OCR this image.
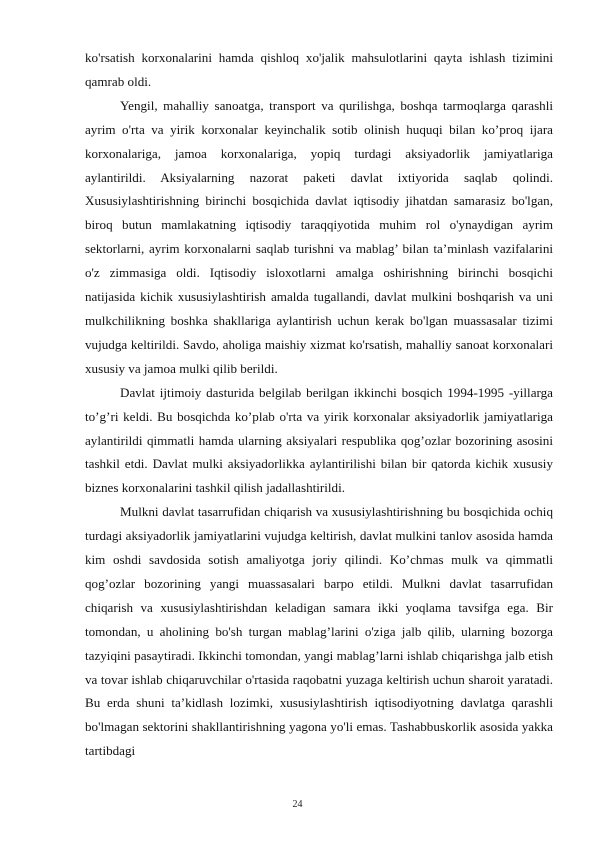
ko'rsatish korxonalarini hamda qishloq xo'jalik mahsulotlarini qayta ishlash tizimini qamrab oldi.

Yengil, mahalliy sanoatga, transport va qurilishga, boshqa tarmoqlarga qarashli ayrim o'rta va yirik korxonalar keyinchalik sotib olinish huquqi bilan ko’proq ijara korxonalariga, jamoa korxonalariga, yopiq turdagi aksiyadorlik jamiyatlariga aylantirildi. Aksiyalarning nazorat paketi davlat ixtiyorida saqlab qolindi. Xususiylashtirishning birinchi bosqichida davlat iqtisodiy jihatdan samarasiz bo'lgan, biroq butun mamlakatning iqtisodiy taraqqiyotida muhim rol o'ynaydigan ayrim sektorlarni, ayrim korxonalarni saqlab turishni va mablag’ bilan ta’minlash vazifalarini o'z zimmasiga oldi. Iqtisodiy isloxotlarni amalga oshirishning birinchi bosqichi natijasida kichik xususiylashtirish amalda tugallandi, davlat mulkini boshqarish va uni mulkchilikning boshka shakllariga aylantirish uchun kerak bo'lgan muassasalar tizimi vujudga keltirildi. Savdo, aholiga maishiy xizmat ko'rsatish, mahalliy sanoat korxonalari xususiy va jamoa mulki qilib berildi.

Davlat ijtimoiy dasturida belgilab berilgan ikkinchi bosqich 1994-1995 -yillarga to’g’ri keldi. Bu bosqichda ko’plab o'rta va yirik korxonalar aksiyadorlik jamiyatlariga aylantirildi qimmatli hamda ularning aksiyalari respublika qog’ozlar bozorining asosini tashkil etdi. Davlat mulki aksiyadorlikka aylantirilishi bilan bir qatorda kichik xususiy biznes korxonalarini tashkil qilish jadallashtirildi.

Mulkni davlat tasarrufidan chiqarish va xususiylashtirishning bu bosqichida ochiq turdagi aksiyadorlik jamiyatlarini vujudga keltirish, davlat mulkini tanlov asosida hamda kim oshdi savdosida sotish amaliyotga joriy qilindi. Ko’chmas mulk va qimmatli qog’ozlar bozorining yangi muassasalari barpo etildi. Mulkni davlat tasarrufidan chiqarish va xususiylashtirishdan keladigan samara ikki yoqlama tavsifga ega. Bir tomondan, u aholining bo'sh turgan mablag’larini o'ziga jalb qilib, ularning bozorga tazyiqini pasaytiradi. Ikkinchi tomondan, yangi mablag’larni ishlab chiqarishga jalb etish va tovar ishlab chiqaruvchilar o'rtasida raqobatni yuzaga keltirish uchun sharoit yaratadi. Bu erda shuni ta’kidlash lozimki, xususiylashtirish iqtisodiyotning davlatga qarashli bo'lmagan sektorini shakllantirishning yagona yo'li emas. Tashabbuskorlik asosida yakka tartibdagi

24
